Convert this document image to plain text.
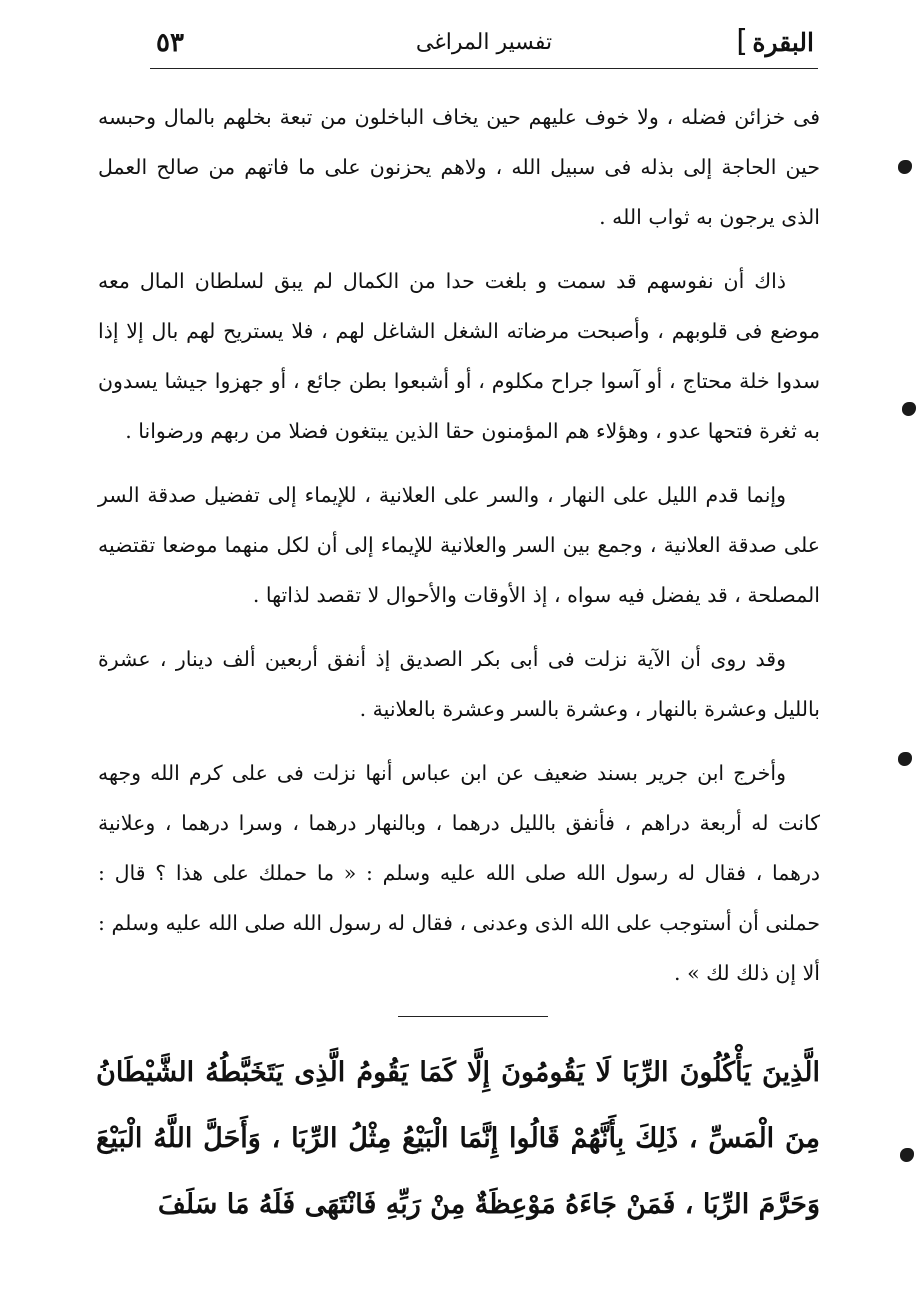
البقرة
]
تفسير المراغى
٥٣

فى خزائن فضله ، ولا خوف عليهم حين يخاف الباخلون من تبعة بخلهم بالمال وحبسه حين الحاجة إلى بذله فى سبيل الله ، ولاهم يحزنون على ما فاتهم من صالح العمل الذى يرجون به ثواب الله .

ذاك أن نفوسهم قد سمت و بلغت حدا من الكمال لم يبق لسلطان المال معه موضع فى قلوبهم ، وأصبحت مرضاته الشغل الشاغل لهم ، فلا يستريح لهم بال إلا إذا سدوا خلة محتاج ، أو آسوا جراح مكلوم ، أو أشبعوا بطن جائع ، أو جهزوا جيشا يسدون به ثغرة فتحها عدو ، وهؤلاء هم المؤمنون حقا الذين يبتغون فضلا من ربهم ورضوانا .

وإنما قدم الليل على النهار ، والسر على العلانية ، للإيماء إلى تفضيل صدقة السر على صدقة العلانية ، وجمع بين السر والعلانية للإيماء إلى أن لكل منهما موضعا تقتضيه المصلحة ، قد يفضل فيه سواه ، إذ الأوقات والأحوال لا تقصد لذاتها .

وقد روى أن الآية نزلت فى أبى بكر الصديق إذ أنفق أربعين ألف دينار ، عشرة بالليل وعشرة بالنهار ، وعشرة بالسر وعشرة بالعلانية .

وأخرج ابن جرير بسند ضعيف عن ابن عباس أنها نزلت فى على كرم الله وجهه كانت له أربعة دراهم ، فأنفق بالليل درهما ، وبالنهار درهما ، وسرا درهما ، وعلانية درهما ، فقال له رسول الله صلى الله عليه وسلم : « ما حملك على هذا ؟ قال : حملنى أن أستوجب على الله الذى وعدنى ، فقال له رسول الله صلى الله عليه وسلم : ألا إن ذلك لك » .

الَّذِينَ يَأْكُلُونَ الرِّبَا لَا يَقُومُونَ إِلَّا كَمَا يَقُومُ الَّذِى يَتَخَبَّطُهُ الشَّيْطَانُ مِنَ الْمَسِّ ، ذَلِكَ بِأَنَّهُمْ قَالُوا إِنَّمَا الْبَيْعُ مِثْلُ الرِّبَا ، وَأَحَلَّ اللَّهُ الْبَيْعَ وَحَرَّمَ الرِّبَا ، فَمَنْ جَاءَهُ مَوْعِظَةٌ مِنْ رَبِّهِ فَانْتَهَى فَلَهُ مَا سَلَفَ
